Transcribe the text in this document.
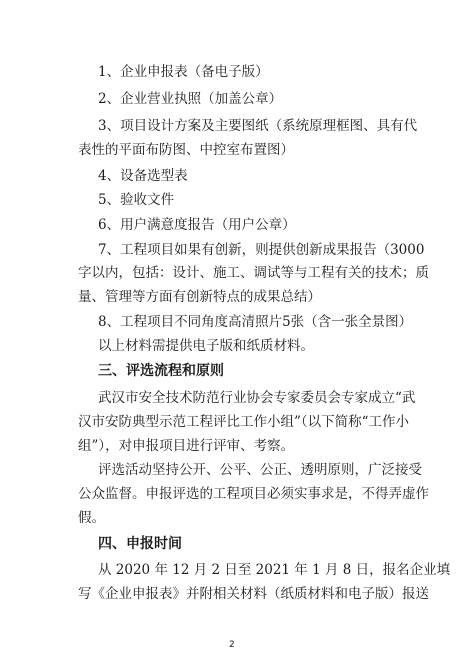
1、企业申报表（备电子版）
2、企业营业执照（加盖公章）
3、项目设计方案及主要图纸（系统原理框图、具有代
表性的平面布防图、中控室布置图）
4、设备选型表
5、验收文件
6、用户满意度报告（用户公章）
7、工程项目如果有创新，则提供创新成果报告（3000
字以内，包括：设计、施工、调试等与工程有关的技术；质
量、管理等方面有创新特点的成果总结）
8、工程项目不同角度高清照片5张（含一张全景图）
以上材料需提供电子版和纸质材料。
三、评选流程和原则
武汉市安全技术防范行业协会专家委员会专家成立“武
汉市安防典型示范工程评比工作小组”（以下简称“工作小
组”），对申报项目进行评审、考察。
评选活动坚持公开、公平、公正、透明原则，广泛接受
公众监督。申报评选的工程项目必须实事求是，不得弄虚作
假。
四、申报时间
从 2020 年 12 月 2 日至 2021 年 1 月 8 日，报名企业填
写《企业申报表》并附相关材料（纸质材料和电子版）报送
2
